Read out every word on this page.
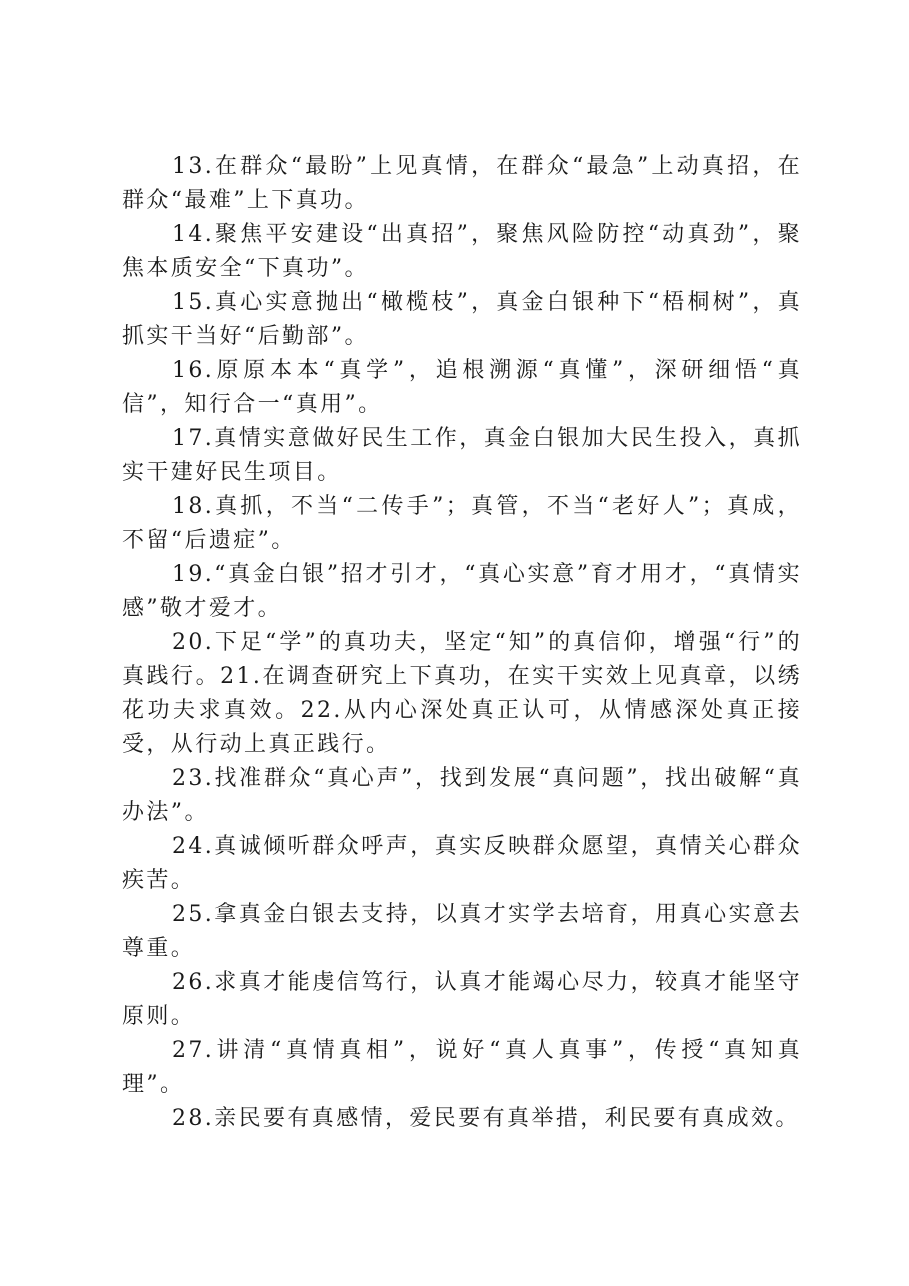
13.在群众“最盼”上见真情，在群众“最急”上动真招，在群众“最难”上下真功。

14.聚焦平安建设“出真招”，聚焦风险防控“动真劲”，聚焦本质安全“下真功”。

15.真心实意抛出“橄榄枝”，真金白银种下“梧桐树”，真抓实干当好“后勤部”。

16.原原本本“真学”，追根溯源“真懂”，深研细悟“真信”，知行合一“真用”。

17.真情实意做好民生工作，真金白银加大民生投入，真抓实干建好民生项目。

18.真抓，不当“二传手”；真管，不当“老好人”；真成，不留“后遗症”。

19.“真金白银”招才引才，“真心实意”育才用才，“真情实感”敬才爱才。

20.下足“学”的真功夫，坚定“知”的真信仰，增强“行”的真践行。21.在调查研究上下真功，在实干实效上见真章，以绣花功夫求真效。22.从内心深处真正认可，从情感深处真正接受，从行动上真正践行。

23.找准群众“真心声”，找到发展“真问题”，找出破解“真办法”。

24.真诚倾听群众呼声，真实反映群众愿望，真情关心群众疾苦。

25.拿真金白银去支持，以真才实学去培育，用真心实意去尊重。

26.求真才能虔信笃行，认真才能竭心尽力，较真才能坚守原则。

27.讲清“真情真相”，说好“真人真事”，传授“真知真理”。

28.亲民要有真感情，爱民要有真举措，利民要有真成效。
